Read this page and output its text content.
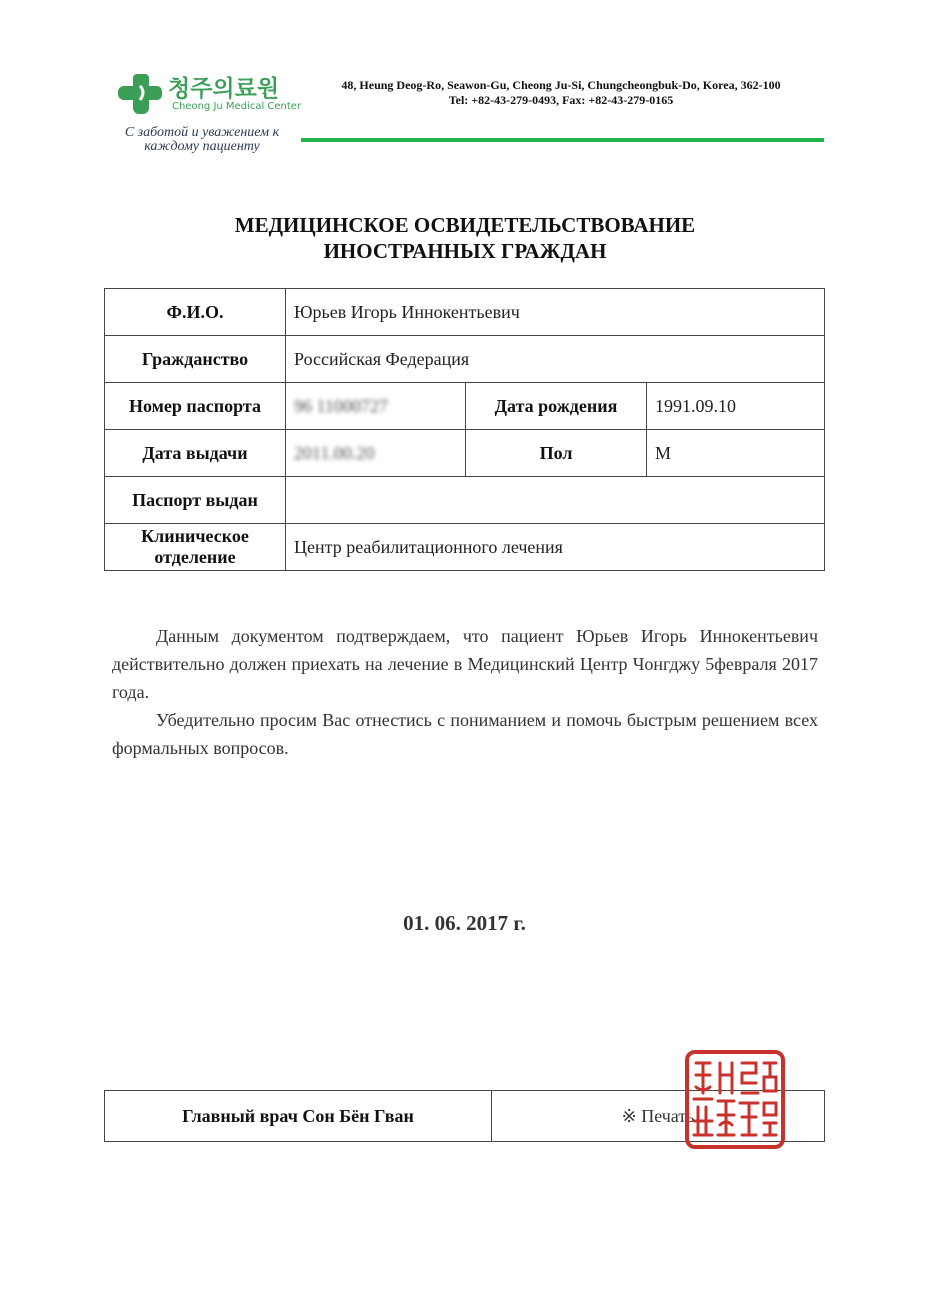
청주의료원
Cheong Ju Medical Center
С заботой и уважением к
каждому пациенту
48, Heung Deog-Ro, Seawon-Gu, Cheong Ju-Si, Chungcheongbuk-Do, Korea, 362-100
Tel: +82-43-279-0493, Fax: +82-43-279-0165
МЕДИЦИНСКОЕ ОСВИДЕТЕЛЬСТВОВАНИЕ
ИНОСТРАННЫХ ГРАЖДАН
Ф.И.О.	Юрьев Игорь Иннокентьевич		
Гражданство	Российская Федерация		
Номер паспорта	96 11000727	Дата рождения	1991.09.10
Дата выдачи	2011.00.20	Пол	М
Паспорт выдан			

Клиническое
отделение	Центр реабилитационного лечения		

Данным документом подтверждаем, что пациент Юрьев Игорь Иннокентьевич действительно должен приехать на лечение в Медицинский Центр Чонгджу 5февраля 2017 года.

Убедительно просим Вас отнестись с пониманием и помочь быстрым решением всех формальных вопросов.

01. 06. 2017 г.
Главный врач Сон Бён Гван	※ Печать
